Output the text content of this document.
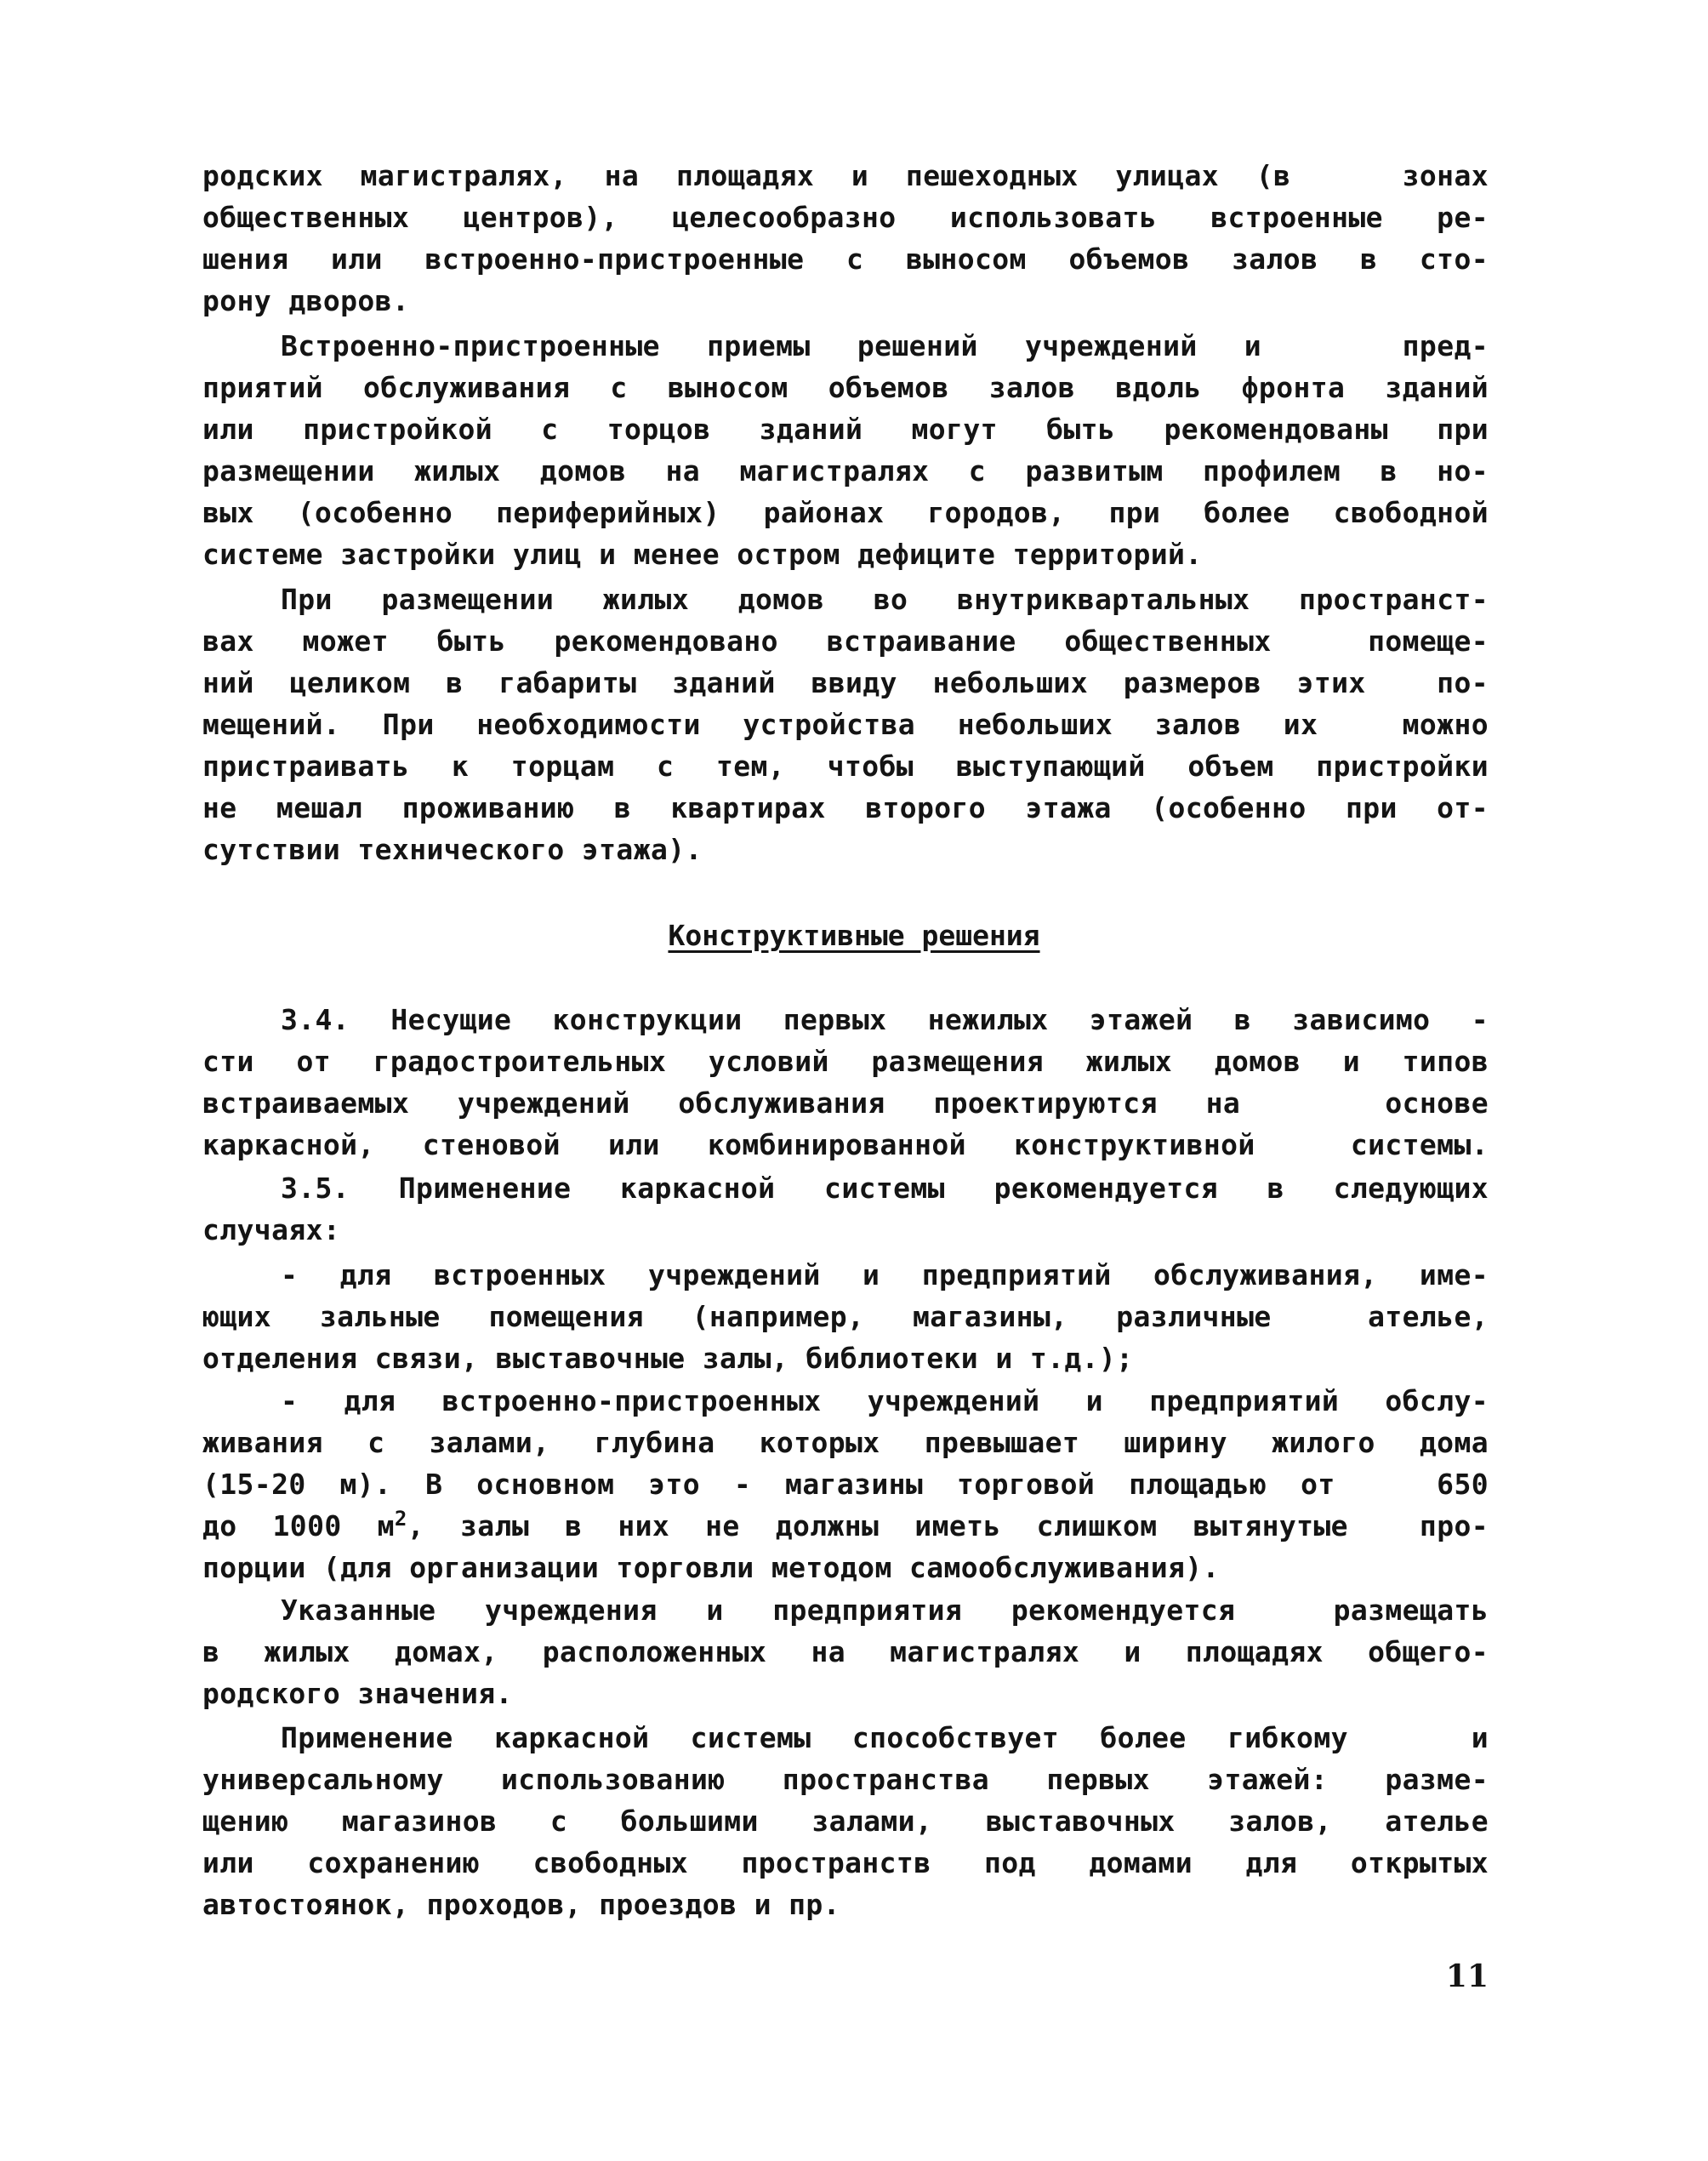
родских магистралях, на площадях и пешеходных улицах (в   зонах
общественных центров), целесообразно использовать встроенные ре-
шения или встроенно-пристроенные с выносом объемов залов в сто-
рону дворов.
Встроенно-пристроенные приемы решений учреждений и   пред-
приятий обслуживания с выносом объемов залов вдоль фронта зданий
или пристройкой с торцов зданий могут быть рекомендованы при
размещении жилых домов на магистралях с развитым профилем в но-
вых (особенно периферийных) районах городов, при более свободной
системе застройки улиц и менее остром дефиците территорий.
При размещении жилых домов во внутриквартальных пространст-
вах может быть рекомендовано встраивание общественных  помеще-
ний целиком в габариты зданий ввиду небольших размеров этих  по-
мещений. При необходимости устройства небольших залов их  можно
пристраивать к торцам с тем, чтобы выступающий объем пристройки
не мешал проживанию в квартирах второго этажа (особенно при от-
сутствии технического этажа).
Конструктивные решения
3.4. Несущие конструкции первых нежилых этажей в зависимо -
сти от градостроительных условий размещения жилых домов и типов
встраиваемых учреждений обслуживания проектируются на   основе
каркасной, стеновой или комбинированной конструктивной  системы.
3.5. Применение каркасной системы рекомендуется в следующих
случаях:
- для встроенных учреждений и предприятий обслуживания, име-
ющих зальные помещения (например, магазины, различные  ателье,
отделения связи, выставочные залы, библиотеки и т.д.);
- для встроенно-пристроенных учреждений и предприятий обслу-
живания с залами, глубина которых превышает ширину жилого дома
(15-20 м). В основном это - магазины торговой площадью от   650
до 1000 $м^2$, залы в них не должны иметь слишком вытянутые  про-
порции (для организации торговли методом самообслуживания).
Указанные учреждения и предприятия рекомендуется  размещать
в жилых домах, расположенных на магистралях и площадях общего-
родского значения.
Применение каркасной системы способствует более гибкому   и
универсальному использованию пространства первых этажей: разме-
щению магазинов с большими залами, выставочных залов, ателье
или сохранению свободных пространств под домами для открытых
автостоянок, проходов, проездов и пр.
11
